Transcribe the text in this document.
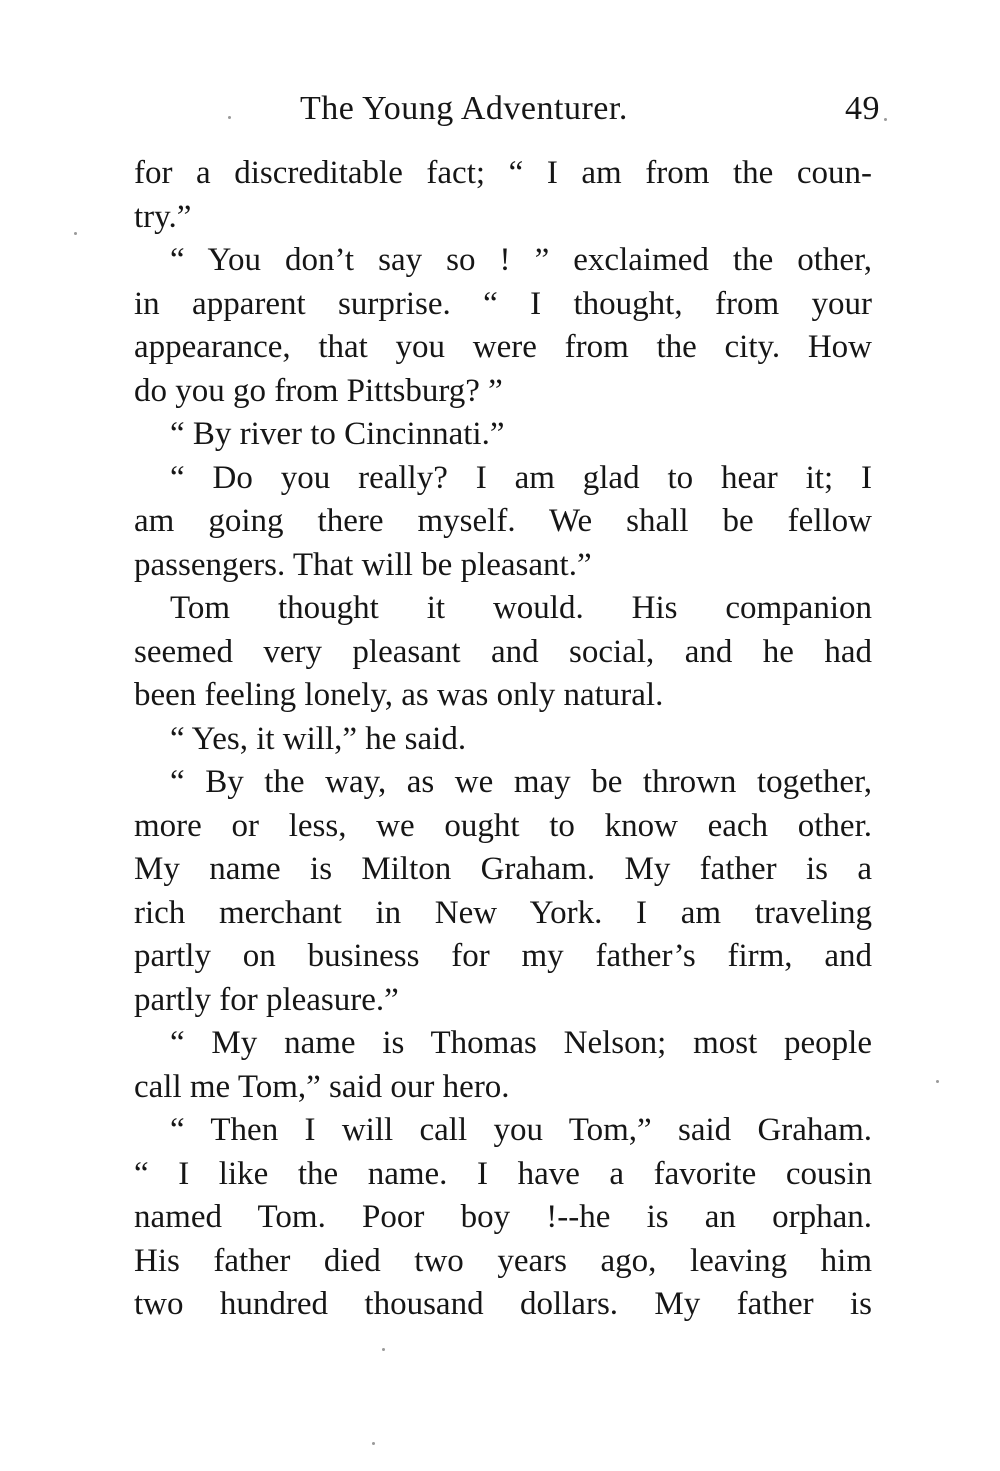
The Young Adventurer.	49
for a discreditable fact; “ I am from the coun-
try.”
“ You don’t say so ! ” exclaimed the other,
in apparent surprise. “ I thought, from your
appearance, that you were from the city. How
do you go from Pittsburg? ”
“ By river to Cincinnati.”
“ Do you really? I am glad to hear it; I
am going there myself. We shall be fellow
passengers. That will be pleasant.”
Tom thought it would. His companion
seemed very pleasant and social, and he had
been feeling lonely, as was only natural.
“ Yes, it will,” he said.
“ By the way, as we may be thrown together,
more or less, we ought to know each other.
My name is Milton Graham. My father is a
rich merchant in New York. I am traveling
partly on business for my father’s firm, and
partly for pleasure.”
“ My name is Thomas Nelson; most people
call me Tom,” said our hero.
“ Then I will call you Tom,” said Graham.
“ I like the name. I have a favorite cousin
named Tom. Poor boy !--he is an orphan.
His father died two years ago, leaving him
two hundred thousand dollars. My father is
